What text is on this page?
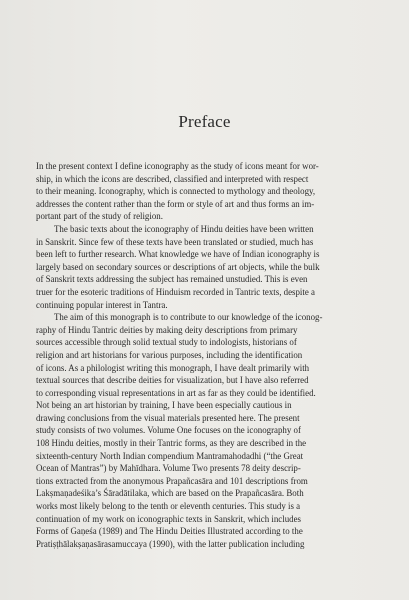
Preface
In the present context I define iconography as the study of icons meant for wor-
ship, in which the icons are described, classified and interpreted with respect
to their meaning. Iconography, which is connected to mythology and theology,
addresses the content rather than the form or style of art and thus forms an im-
portant part of the study of religion.
The basic texts about the iconography of Hindu deities have been written
in Sanskrit. Since few of these texts have been translated or studied, much has
been left to further research. What knowledge we have of Indian iconography is
largely based on secondary sources or descriptions of art objects, while the bulk
of Sanskrit texts addressing the subject has remained unstudied. This is even
truer for the esoteric traditions of Hinduism recorded in Tantric texts, despite a
continuing popular interest in Tantra.
The aim of this monograph is to contribute to our knowledge of the iconog-
raphy of Hindu Tantric deities by making deity descriptions from primary
sources accessible through solid textual study to indologists, historians of
religion and art historians for various purposes, including the identification
of icons. As a philologist writing this monograph, I have dealt primarily with
textual sources that describe deities for visualization, but I have also referred
to corresponding visual representations in art as far as they could be identified.
Not being an art historian by training, I have been especially cautious in
drawing conclusions from the visual materials presented here. The present
study consists of two volumes. Volume One focuses on the iconography of
108 Hindu deities, mostly in their Tantric forms, as they are described in the
sixteenth-century North Indian compendium Mantramahodadhi (“the Great
Ocean of Mantras”) by Mahīdhara. Volume Two presents 78 deity descrip-
tions extracted from the anonymous Prapañcasāra and 101 descriptions from
Lakṣmaṇadeśika’s Śāradātilaka, which are based on the Prapañcasāra. Both
works most likely belong to the tenth or eleventh centuries. This study is a
continuation of my work on iconographic texts in Sanskrit, which includes
Forms of Gaṇeśa (1989) and The Hindu Deities Illustrated according to the
Pratiṣṭhālakṣaṇasārasamuccaya (1990), with the latter publication including
